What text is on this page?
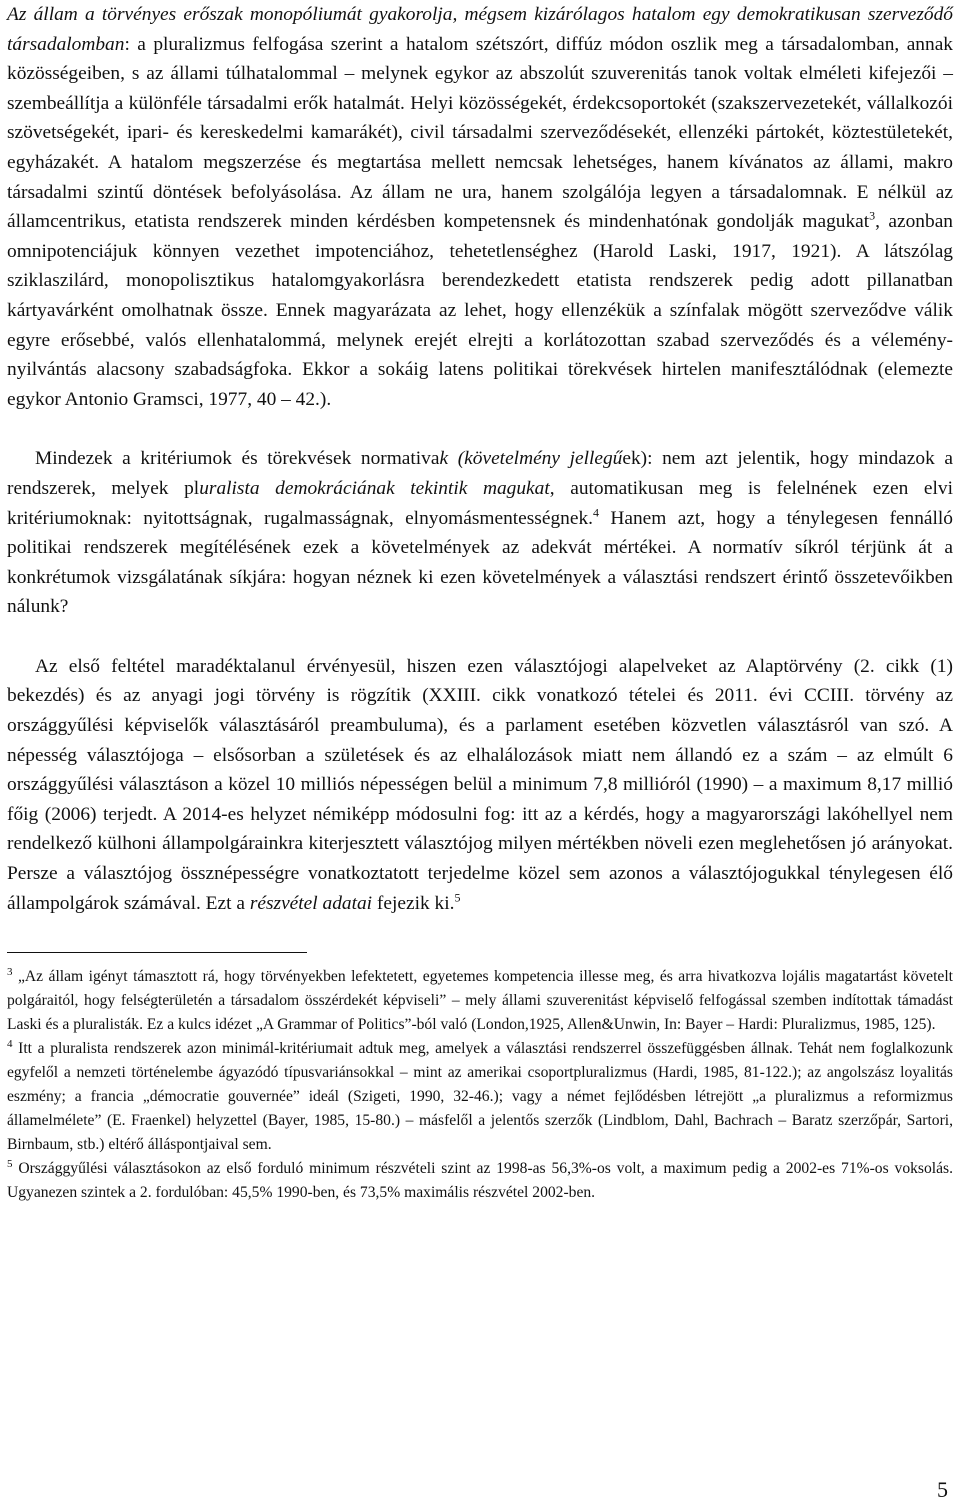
Az állam a törvényes erőszak monopóliumát gyakorolja, mégsem kizárólagos hatalom egy demokratikusan szerveződő társadalomban: a pluralizmus felfogása szerint a hatalom szétszórt, diffúz módon oszlik meg a társadalomban, annak közösségeiben, s az állami túlhatalommal – melynek egykor az abszolút szuverenitás tanok voltak elméleti kifejezői – szembeállítja a különféle társadalmi erők hatalmát. Helyi közösségekét, érdekcsoportokét (szakszervezetekét, vállalkozói szövetségekét, ipari- és kereskedelmi kamarákét), civil társadalmi szerveződésekét, ellenzéki pártokét, köztestületekét, egyházakét. A hatalom megszerzése és megtartása mellett nemcsak lehetséges, hanem kívánatos az állami, makro társadalmi szintű döntések befolyásolása. Az állam ne ura, hanem szolgálója legyen a társadalomnak. E nélkül az államcentrikus, etatista rendszerek minden kérdésben kompetensnek és mindenhatónak gondolják magukat$^3$, azonban omnipotenciájuk könnyen vezethet impotenciához, tehetetlenséghez (Harold Laski, 1917, 1921). A látszólag sziklaszilárd, monopolisztikus hatalomgyakorlásra berendezkedett etatista rendszerek pedig adott pillanatban kártyavárként omolhatnak össze. Ennek magyarázata az lehet, hogy ellenzékük a színfalak mögött szerveződve válik egyre erősebbé, valós ellenhatalommá, melynek erejét elrejti a korlátozottan szabad szerveződés és a vélemény-nyilvántás alacsony szabadságfoka. Ekkor a sokáig latens politikai törekvések hirtelen manifesztálódnak (elemezte egykor Antonio Gramsci, 1977, 40 – 42.).

Mindezek a kritériumok és törekvések normativak (követelmény jellegűek): nem azt jelentik, hogy mindazok a rendszerek, melyek pluralista demokráciának tekintik magukat, automatikusan meg is felelnének ezen elvi kritériumoknak: nyitottságnak, rugalmasságnak, elnyomásmentességnek.$^4$ Hanem azt, hogy a ténylegesen fennálló politikai rendszerek megítélésének ezek a követelmények az adekvát mértékei. A normatív síkról térjünk át a konkrétumok vizsgálatának síkjára: hogyan néznek ki ezen követelmények a választási rendszert érintő összetevőikben nálunk?

Az első feltétel maradéktalanul érvényesül, hiszen ezen választójogi alapelveket az Alaptörvény (2. cikk (1) bekezdés) és az anyagi jogi törvény is rögzítik (XXIII. cikk vonatkozó tételei és 2011. évi CCIII. törvény az országgyűlési képviselők választásáról preambuluma), és a parlament esetében közvetlen választásról van szó. A népesség választójoga – elsősorban a születések és az elhalálozások miatt nem állandó ez a szám – az elmúlt 6 országgyűlési választáson a közel 10 milliós népességen belül a minimum 7,8 millióról (1990) – a maximum 8,17 millió főig (2006) terjedt. A 2014-es helyzet némiképp módosulni fog: itt az a kérdés, hogy a magyarországi lakóhellyel nem rendelkező külhoni állampolgárainkra kiterjesztett választójog milyen mértékben növeli ezen meglehetősen jó arányokat. Persze a választójog össznépességre vonatkoztatott terjedelme közel sem azonos a választójogukkal ténylegesen élő állampolgárok számával. Ezt a részvétel adatai fejezik ki.$^5$

$^3$ „Az állam igényt támasztott rá, hogy törvényekben lefektetett, egyetemes kompetencia illesse meg, és arra hivatkozva lojális magatartást követelt polgáraitól, hogy felségterületén a társadalom összérdekét képviseli” – mely állami szuverenitást képviselő felfogással szemben indítottak támadást Laski és a pluralisták. Ez a kulcs idézet „A Grammar of Politics”-ból való (London,1925, Allen&Unwin, In: Bayer – Hardi: Pluralizmus, 1985, 125).

$^4$ Itt a pluralista rendszerek azon minimál-kritériumait adtuk meg, amelyek a választási rendszerrel összefüggésben állnak. Tehát nem foglalkozunk egyfelől a nemzeti történelembe ágyazódó típusvariánsokkal – mint az amerikai csoportpluralizmus (Hardi, 1985, 81-122.); az angolszász loyalitás eszmény; a francia „démocratie gouvernée” ideál (Szigeti, 1990, 32-46.); vagy a német fejlődésben létrejött „a pluralizmus a reformizmus államelmélete” (E. Fraenkel) helyzettel (Bayer, 1985, 15-80.) – másfelől a jelentős szerzők (Lindblom, Dahl, Bachrach – Baratz szerzőpár, Sartori, Birnbaum, stb.) eltérő álláspontjaival sem.

$^5$ Országgyűlési választásokon az első forduló minimum részvételi szint az 1998-as 56,3%-os volt, a maximum pedig a 2002-es 71%-os voksolás. Ugyanezen szintek a 2. fordulóban: 45,5% 1990-ben, és 73,5% maximális részvétel 2002-ben.

5
